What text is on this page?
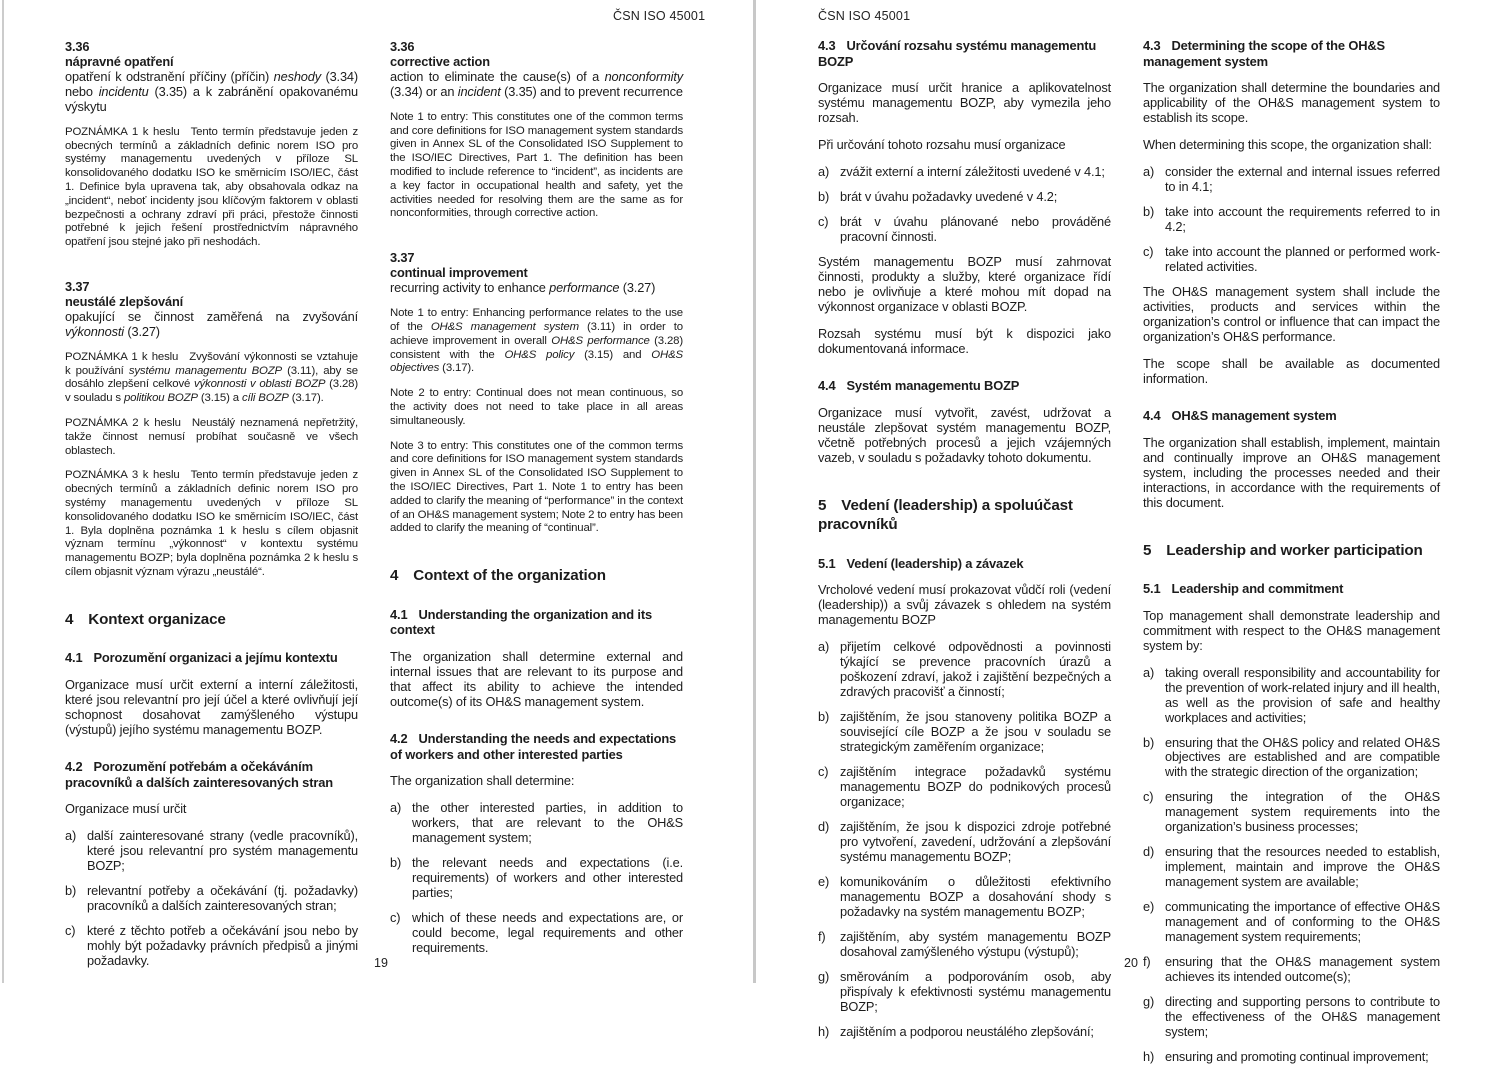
ČSN ISO 45001	ČSN ISO 45001
3.36
nápravné opatření
opatření k odstranění příčiny (příčin) neshody (3.34) nebo incidentu (3.35) a k zabránění opakovanému výskytu
POZNÁMKA 1 k heslu  Tento termín představuje jeden z obecných termínů a základních definic norem ISO pro systémy managementu uvedených v příloze SL konsolidovaného dodatku ISO ke směrnicím ISO/IEC, část 1. Definice byla upravena tak, aby obsahovala odkaz na „incident“, neboť incidenty jsou klíčovým faktorem v oblasti bezpečnosti a ochrany zdraví při práci, přestože činnosti potřebné k jejich řešení prostřednictvím nápravného opatření jsou stejné jako při neshodách.
3.37
neustálé zlepšování
opakující se činnost zaměřená na zvyšování výkonnosti (3.27)
POZNÁMKA 1 k heslu  Zvyšování výkonnosti se vztahuje k používání systému managementu BOZP (3.11), aby se dosáhlo zlepšení celkové výkonnosti v oblasti BOZP (3.28) v souladu s politikou BOZP (3.15) a cíli BOZP (3.17).
POZNÁMKA 2 k heslu  Neustálý neznamená nepřetržitý, takže činnost nemusí probíhat současně ve všech oblastech.
POZNÁMKA 3 k heslu  Tento termín představuje jeden z obecných termínů a základních definic norem ISO pro systémy managementu uvedených v příloze SL konsolidovaného dodatku ISO ke směrnicím ISO/IEC, část 1. Byla doplněna poznámka 1 k heslu s cílem objasnit význam termínu „výkonnost“ v kontextu systému managementu BOZP; byla doplněna poznámka 2 k heslu s cílem objasnit význam výrazu „neustálé“.
4 Kontext organizace
4.1 Porozumění organizaci a jejímu kontextu
Organizace musí určit externí a interní záležitosti, které jsou relevantní pro její účel a které ovlivňují její schopnost dosahovat zamýšleného výstupu (výstupů) jejího systému managementu BOZP.
4.2 Porozumění potřebám a očekáváním pracovníků a dalších zainteresovaných stran
Organizace musí určit
a) další zainteresované strany (vedle pracovníků), které jsou relevantní pro systém managementu BOZP;
b) relevantní potřeby a očekávání (tj. požadavky) pracovníků a dalších zainteresovaných stran;
c) které z těchto potřeb a očekávání jsou nebo by mohly být požadavky právních předpisů a jinými požadavky.
3.36
corrective action
action to eliminate the cause(s) of a nonconformity (3.34) or an incident (3.35) and to prevent recurrence
Note 1 to entry: This constitutes one of the common terms and core definitions for ISO management system standards given in Annex SL of the Consolidated ISO Supplement to the ISO/IEC Directives, Part 1. The definition has been modified to include reference to “incident”, as incidents are a key factor in occupational health and safety, yet the activities needed for resolving them are the same as for nonconformities, through corrective action.
3.37
continual improvement
recurring activity to enhance performance (3.27)
Note 1 to entry: Enhancing performance relates to the use of the OH&S management system (3.11) in order to achieve improvement in overall OH&S performance (3.28) consistent with the OH&S policy (3.15) and OH&S objectives (3.17).
Note 2 to entry: Continual does not mean continuous, so the activity does not need to take place in all areas simultaneously.
Note 3 to entry: This constitutes one of the common terms and core definitions for ISO management system standards given in Annex SL of the Consolidated ISO Supplement to the ISO/IEC Directives, Part 1. Note 1 to entry has been added to clarify the meaning of “performance” in the context of an OH&S management system; Note 2 to entry has been added to clarify the meaning of “continual”.
4 Context of the organization
4.1 Understanding the organization and its context
The organization shall determine external and internal issues that are relevant to its purpose and that affect its ability to achieve the intended outcome(s) of its OH&S management system.
4.2 Understanding the needs and expectations of workers and other interested parties
The organization shall determine:
a) the other interested parties, in addition to workers, that are relevant to the OH&S management system;
b) the relevant needs and expectations (i.e. requirements) of workers and other interested parties;
c) which of these needs and expectations are, or could become, legal requirements and other requirements.
4.3 Určování rozsahu systému managementu BOZP
Organizace musí určit hranice a aplikovatelnost systému managementu BOZP, aby vymezila jeho rozsah.
Při určování tohoto rozsahu musí organizace
a) zvážit externí a interní záležitosti uvedené v 4.1;
b) brát v úvahu požadavky uvedené v 4.2;
c) brát v úvahu plánované nebo prováděné pracovní činnosti.
Systém managementu BOZP musí zahrnovat činnosti, produkty a služby, které organizace řídí nebo je ovlivňuje a které mohou mít dopad na výkonnost organizace v oblasti BOZP.
Rozsah systému musí být k dispozici jako dokumentovaná informace.
4.4 Systém managementu BOZP
Organizace musí vytvořit, zavést, udržovat a neustále zlepšovat systém managementu BOZP, včetně potřebných procesů a jejich vzájemných vazeb, v souladu s požadavky tohoto dokumentu.
5 Vedení (leadership) a spoluúčast pracovníků
5.1 Vedení (leadership) a závazek
Vrcholové vedení musí prokazovat vůdčí roli (vedení (leadership)) a svůj závazek s ohledem na systém managementu BOZP
a) přijetím celkové odpovědnosti a povinnosti týkající se prevence pracovních úrazů a poškození zdraví, jakož i zajištění bezpečných a zdravých pracovišť a činností;
b) zajištěním, že jsou stanoveny politika BOZP a související cíle BOZP a že jsou v souladu se strategickým zaměřením organizace;
c) zajištěním integrace požadavků systému managementu BOZP do podnikových procesů organizace;
d) zajištěním, že jsou k dispozici zdroje potřebné pro vytvoření, zavedení, udržování a zlepšování systému managementu BOZP;
e) komunikováním o důležitosti efektivního managementu BOZP a dosahování shody s požadavky na systém managementu BOZP;
f)	zajištěním, aby systém managementu BOZP dosahoval zamýšleného výstupu (výstupů);
g) směrováním a podporováním osob, aby přispívaly k efektivnosti systému managementu BOZP;
h) zajištěním a podporou neustálého zlepšování;
4.3 Determining the scope of the OH&S management system
The organization shall determine the boundaries and applicability of the OH&S management system to establish its scope.
When determining this scope, the organization shall:
a) consider the external and internal issues referred to in 4.1;
b) take into account the requirements referred to in 4.2;
c) take into account the planned or performed work-related activities.
The OH&S management system shall include the activities, products and services within the organization’s control or influence that can impact the organization’s OH&S performance.
The scope shall be available as documented information.
4.4 OH&S management system
The organization shall establish, implement, maintain and continually improve an OH&S management system, including the processes needed and their interactions, in accordance with the requirements of this document.
5 Leadership and worker participation
5.1 Leadership and commitment
Top management shall demonstrate leadership and commitment with respect to the OH&S management system by:
a) taking overall responsibility and accountability for the prevention of work-related injury and ill health, as well as the provision of safe and healthy workplaces and activities;
b) ensuring that the OH&S policy and related OH&S objectives are established and are compatible with the strategic direction of the organization;
c) ensuring the integration of the OH&S management system requirements into the organization’s business processes;
d) ensuring that the resources needed to establish, implement, maintain and improve the OH&S management system are available;
e) communicating the importance of effective OH&S management and of conforming to the OH&S management system requirements;
f)	ensuring that the OH&S management system achieves its intended outcome(s);
g) directing and supporting persons to contribute to the effectiveness of the OH&S management system;
h) ensuring and promoting continual improvement;
19	20
